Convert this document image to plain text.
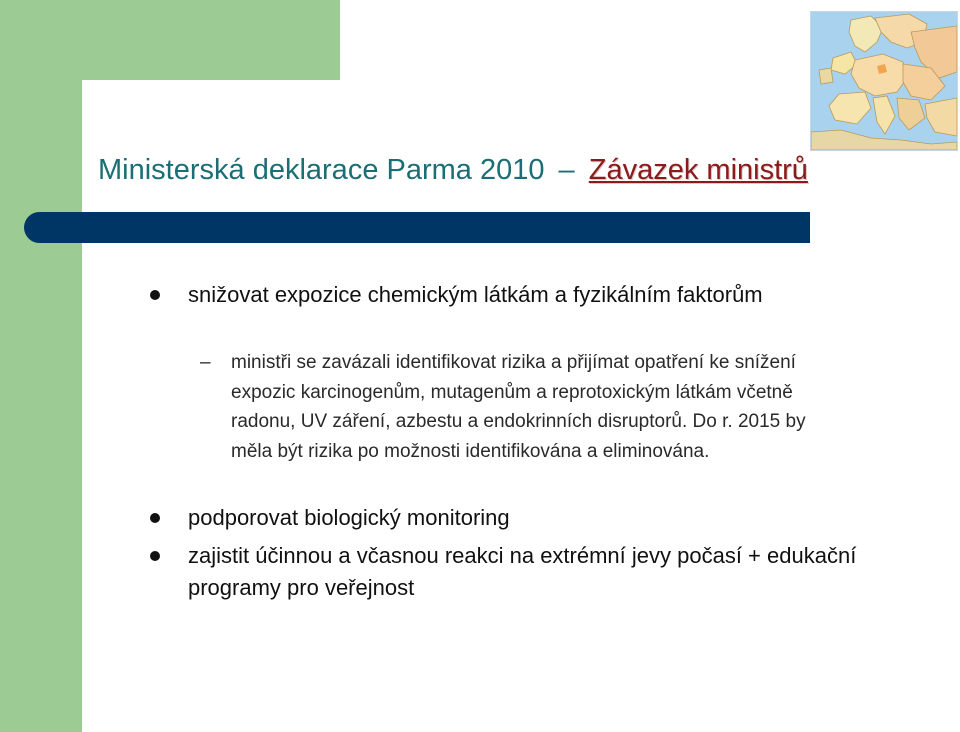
Ministerská deklarace Parma 2010 – Závazek ministrů
snižovat expozice chemickým látkám a fyzikálním faktorům
– ministři se zavázali identifikovat rizika a přijímat opatření ke snížení expozic karcinogenům, mutagenům a reprotoxickým látkám včetně radonu, UV záření, azbestu a endokrinních disruptorů. Do r. 2015 by měla být rizika po možnosti identifikována a eliminována.
podporovat biologický monitoring
zajistit účinnou a včasnou reakci na extrémní jevy počasí + edukační programy pro veřejnost
